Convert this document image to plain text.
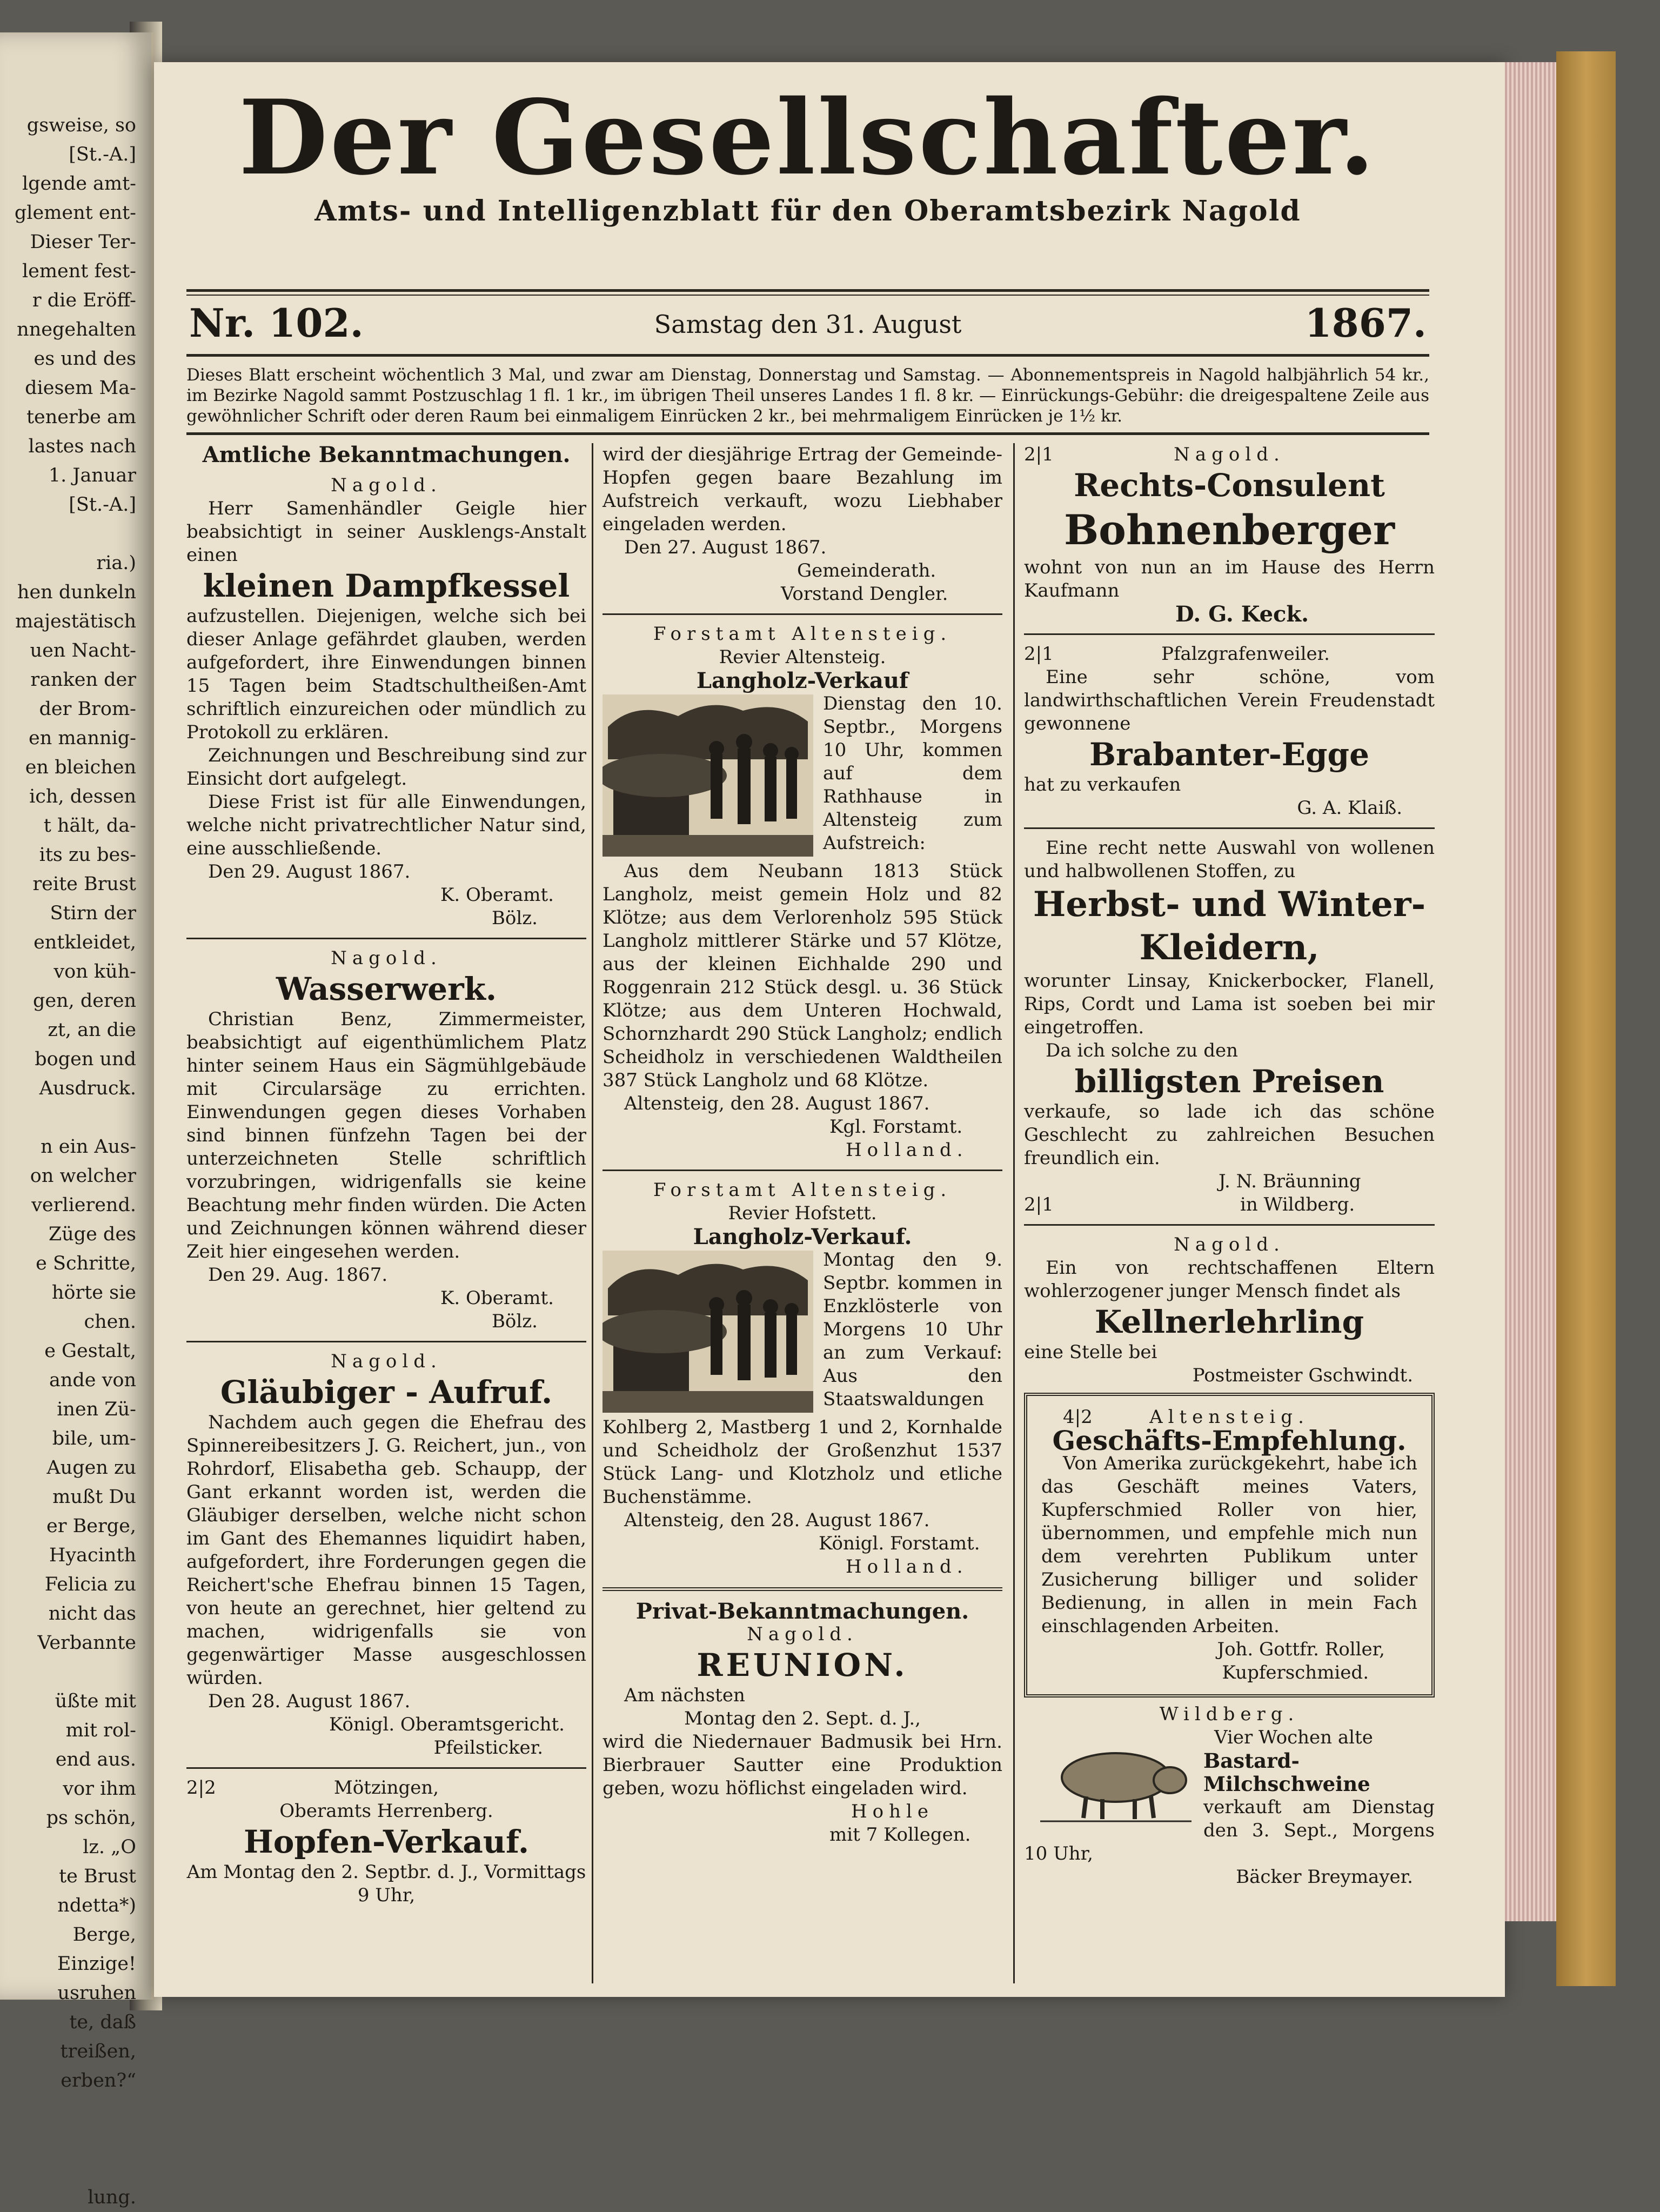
gsweise, so
[St.-A.]
lgende amt-
glement ent-
Dieser Ter-
lement fest-
r die Eröff-
nnegehalten
es und des
diesem Ma-
tenerbe am
lastes nach
1. Januar
[St.-A.]

ria.)
hen dunkeln
majestätisch
uen Nacht-
ranken der
der Brom-
en mannig-
en bleichen
ich, dessen
t hält, da-
its zu bes-
reite Brust
Stirn der
entkleidet,
von küh-
gen, deren
zt, an die
bogen und
Ausdruck.

n ein Aus-
on welcher
verlierend.
Züge des
e Schritte,
hörte sie
chen.
e Gestalt,
ande von
inen Zü-
bile, um-
Augen zu
mußt Du
er Berge,
Hyacinth
Felicia zu
nicht das
Verbannte

üßte mit
mit rol-
end aus.
vor ihm
ps schön,
lz. „O
te Brust
ndetta*)
Berge,
Einzige!
usruhen
te, daß
treißen,
erben?“

lung.
Der Gesellschafter.
Amts- und Intelligenzblatt für den Oberamtsbezirk Nagold
Nr. 102.	Samstag den 31. August	1867.
Dieses Blatt erscheint wöchentlich 3 Mal, und zwar am Dienstag, Donnerstag und Samstag. — Abonnementspreis in Nagold halbjährlich 54 kr., im Bezirke Nagold sammt Postzuschlag 1 fl. 1 kr., im übrigen Theil unseres Landes 1 fl. 8 kr. — Einrückungs-Gebühr: die dreigespaltene Zeile aus gewöhnlicher Schrift oder deren Raum bei einmaligem Einrücken 2 kr., bei mehrmaligem Einrücken je 1½ kr.
Amtliche Bekanntmachungen.
Nagold.

Herr Samenhändler Geigle hier beabsichtigt in seiner Ausklengs-Anstalt einen

kleinen Dampfkessel

aufzustellen. Diejenigen, welche sich bei dieser Anlage gefährdet glauben, werden aufgefordert, ihre Einwendungen binnen 15 Tagen beim Stadtschultheißen-Amt schriftlich einzureichen oder mündlich zu Protokoll zu erklären.

Zeichnungen und Beschreibung sind zur Einsicht dort aufgelegt.

Diese Frist ist für alle Einwendungen, welche nicht privatrechtlicher Natur sind, eine ausschließende.

Den 29. August 1867.

K. Oberamt.

Bölz.

Nagold.
Wasserwerk.

Christian Benz, Zimmermeister, beabsichtigt auf eigenthümlichem Platz hinter seinem Haus ein Sägmühlgebäude mit Circularsäge zu errichten. Einwendungen gegen dieses Vorhaben sind binnen fünfzehn Tagen bei der unterzeichneten Stelle schriftlich vorzubringen, widrigenfalls sie keine Beachtung mehr finden würden. Die Acten und Zeichnungen können während dieser Zeit hier eingesehen werden.

Den 29. Aug. 1867.

K. Oberamt.

Bölz.

Nagold.
Gläubiger - Aufruf.

Nachdem auch gegen die Ehefrau des Spinnereibesitzers J. G. Reichert, jun., von Rohrdorf, Elisabetha geb. Schaupp, der Gant erkannt worden ist, werden die Gläubiger derselben, welche nicht schon im Gant des Ehemannes liquidirt haben, aufgefordert, ihre Forderungen gegen die Reichert'sche Ehefrau binnen 15 Tagen, von heute an gerechnet, hier geltend zu machen, widrigenfalls sie von gegenwärtiger Masse ausgeschlossen würden.

Den 28. August 1867.

Königl. Oberamtsgericht.

Pfeilsticker.

2|2	Mötzingen,
Oberamts Herrenberg.
Hopfen-Verkauf.

Am Montag den 2. Septbr. d. J., Vormittags 9 Uhr,

wird der diesjährige Ertrag der Gemeinde-Hopfen gegen baare Bezahlung im Aufstreich verkauft, wozu Liebhaber eingeladen werden.

Den 27. August 1867.

Gemeinderath.

Vorstand Dengler.

Forstamt Altensteig.
Revier Altensteig.
Langholz-Verkauf

Dienstag den 10. Septbr., Morgens 10 Uhr, kommen auf dem Rathhause in Altensteig zum Aufstreich:

Aus dem Neubann 1813 Stück Langholz, meist gemein Holz und 82 Klötze; aus dem Verlorenholz 595 Stück Langholz mittlerer Stärke und 57 Klötze, aus der kleinen Eichhalde 290 und Roggenrain 212 Stück desgl. u. 36 Stück Klötze; aus dem Unteren Hochwald, Schornzhardt 290 Stück Langholz; endlich Scheidholz in verschiedenen Waldtheilen 387 Stück Langholz und 68 Klötze.

Altensteig, den 28. August 1867.

Kgl. Forstamt.

Holland.

Forstamt Altensteig.
Revier Hofstett.
Langholz-Verkauf.

Montag den 9. Septbr. kommen in Enzklösterle von Morgens 10 Uhr an zum Verkauf: Aus den Staatswaldungen

Kohlberg 2, Mastberg 1 und 2, Kornhalde und Scheidholz der Großenzhut 1537 Stück Lang- und Klotzholz und etliche Buchenstämme.

Altensteig, den 28. August 1867.

Königl. Forstamt.

Holland.

Privat-Bekanntmachungen.
Nagold.
REUNION.

Am nächsten

Montag den 2. Sept. d. J.,

wird die Niedernauer Badmusik bei Hrn. Bierbrauer Sautter eine Produktion geben, wozu höflichst eingeladen wird.

Hohle

mit 7 Kollegen.

2|1	Nagold.
Rechts-Consulent
Bohnenberger

wohnt von nun an im Hause des Herrn Kaufmann

D. G. Keck.

2|1	Pfalzgrafenweiler.

Eine sehr schöne, vom landwirthschaftlichen Verein Freudenstadt gewonnene

Brabanter-Egge

hat zu verkaufen

G. A. Klaiß.

Eine recht nette Auswahl von wollenen und halbwollenen Stoffen, zu

Herbst- und Winter-
Kleidern,

worunter Linsay, Knickerbocker, Flanell, Rips, Cordt und Lama ist soeben bei mir eingetroffen.

Da ich solche zu den

billigsten Preisen

verkaufe, so lade ich das schöne Geschlecht zu zahlreichen Besuchen freundlich ein.

J. N. Bräunning

2|1	in Wildberg.

Nagold.

Ein von rechtschaffenen Eltern wohlerzogener junger Mensch findet als

Kellnerlehrling

eine Stelle bei

Postmeister Gschwindt.

4|2	Altensteig.
Geschäfts-Empfehlung.

Von Amerika zurückgekehrt, habe ich das Geschäft meines Vaters, Kupferschmied Roller von hier, übernommen, und empfehle mich nun dem verehrten Publikum unter Zusicherung billiger und solider Bedienung, in allen in mein Fach einschlagenden Arbeiten.

Joh. Gottfr. Roller,

Kupferschmied.

Wildberg.

Vier Wochen alte

Bastard-Milchschweine

verkauft am Dienstag den 3. Sept., Morgens 10 Uhr,

Bäcker Breymayer.
